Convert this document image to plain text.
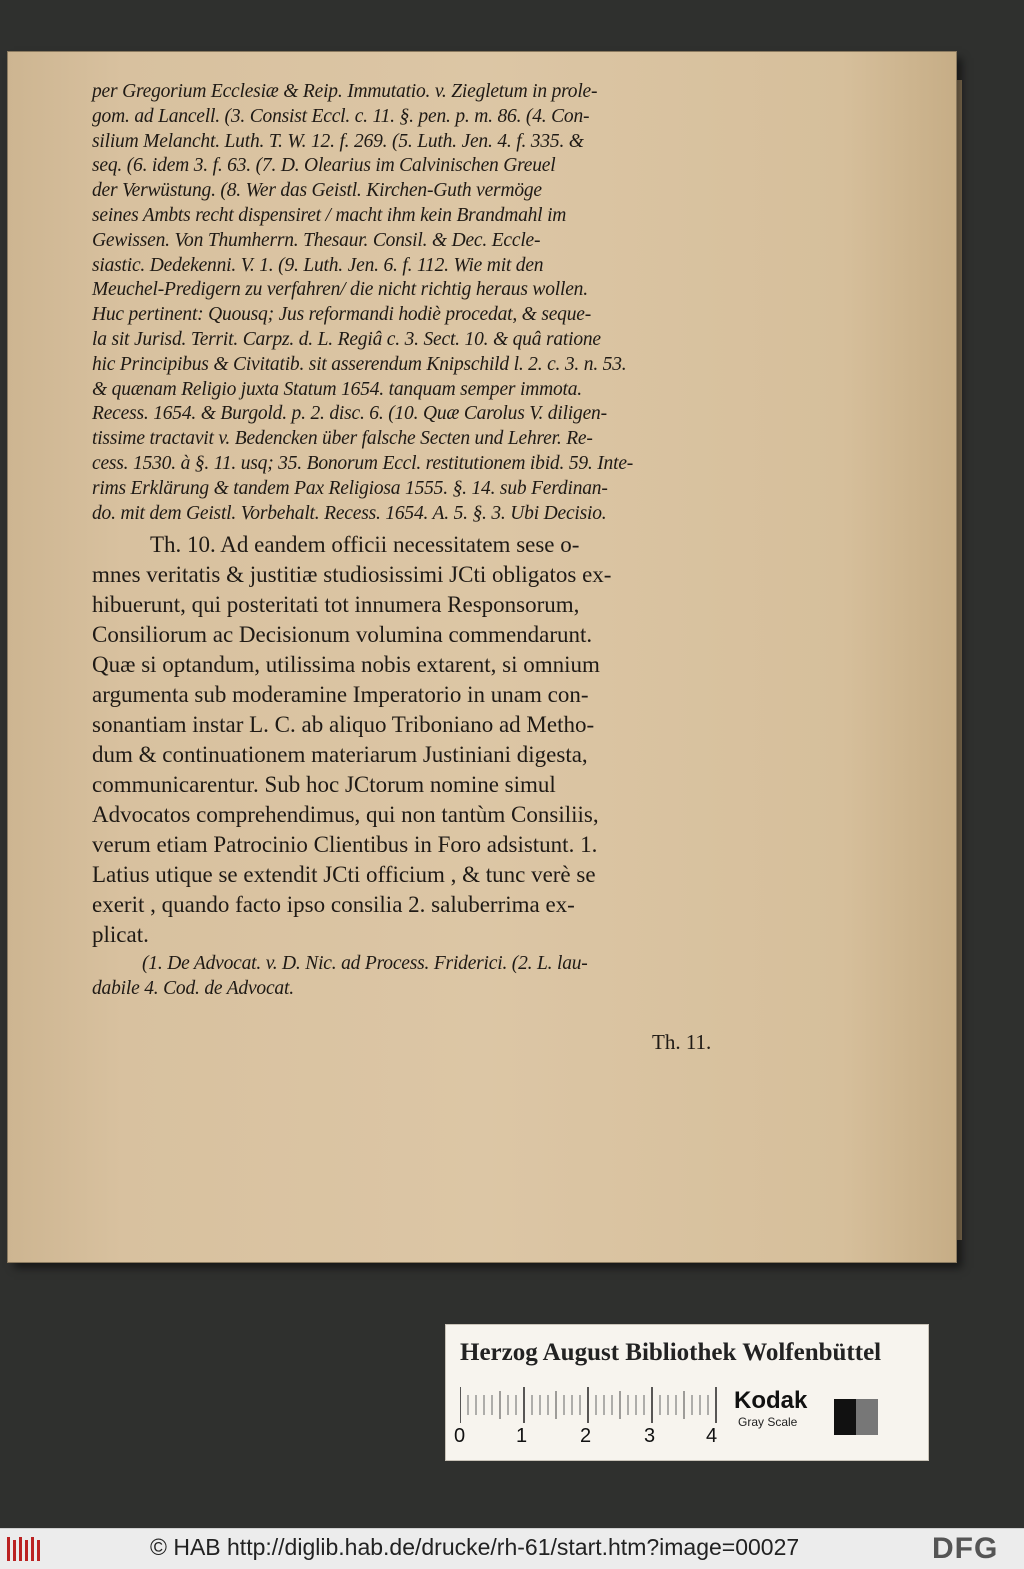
per Gregorium Ecclesiæ & Reip. Immutatio. v. Ziegletum in prole-
gom. ad Lancell. (3. Consist Eccl. c. 11. §. pen. p. m. 86. (4. Con-
silium Melancht. Luth. T. W. 12. f. 269. (5. Luth. Jen. 4. f. 335. &
seq. (6. idem 3. f. 63. (7. D. Olearius im Calvinischen Greuel
der Verwüstung. (8. Wer das Geistl. Kirchen-Guth vermöge
seines Ambts recht dispensiret / macht ihm kein Brandmahl im
Gewissen. Von Thumherrn. Thesaur. Consil. & Dec. Eccle-
siastic. Dedekenni. V. 1. (9. Luth. Jen. 6. f. 112. Wie mit den
Meuchel-Predigern zu verfahren/ die nicht richtig heraus wollen.
Huc pertinent: Quousq; Jus reformandi hodiè procedat, & seque-
la sit Jurisd. Territ. Carpz. d. L. Regiâ c. 3. Sect. 10. & quâ ratione
hic Principibus & Civitatib. sit asserendum Knipschild l. 2. c. 3. n. 53.
& quænam Religio juxta Statum 1654. tanquam semper immota.
Recess. 1654. & Burgold. p. 2. disc. 6. (10. Quæ Carolus V. diligen-
tissime tractavit v. Bedencken über falsche Secten und Lehrer. Re-
cess. 1530. à §. 11. usq; 35. Bonorum Eccl. restitutionem ibid. 59. Inte-
rims Erklärung & tandem Pax Religiosa 1555. §. 14. sub Ferdinan-
do. mit dem Geistl. Vorbehalt. Recess. 1654. A. 5. §. 3. Ubi Decisio.
Th. 10. Ad eandem officii necessitatem sese o-
mnes veritatis & justitiæ studiosissimi JCti obligatos ex-
hibuerunt, qui posteritati tot innumera Responsorum,
Consiliorum ac Decisionum volumina commendarunt.
Quæ si optandum, utilissima nobis extarent, si omnium
argumenta sub moderamine Imperatorio in unam con-
sonantiam instar L. C. ab aliquo Triboniano ad Metho-
dum & continuationem materiarum Justiniani digesta,
communicarentur. Sub hoc JCtorum nomine simul
Advocatos comprehendimus, qui non tantùm Consiliis,
verum etiam Patrocinio Clientibus in Foro adsistunt. 1.
Latius utique se extendit JCti officium , & tunc verè se
exerit , quando facto ipso consilia 2. saluberrima ex-
plicat.
(1. De Advocat. v. D. Nic. ad Process. Friderici. (2. L. lau-
dabile 4. Cod. de Advocat.
Th. 11.
Herzog August Bibliothek Wolfenbüttel
0	1	2	3	4
Kodak
Gray Scale
© HAB http://diglib.hab.de/drucke/rh-61/start.htm?image=00027	DFG
